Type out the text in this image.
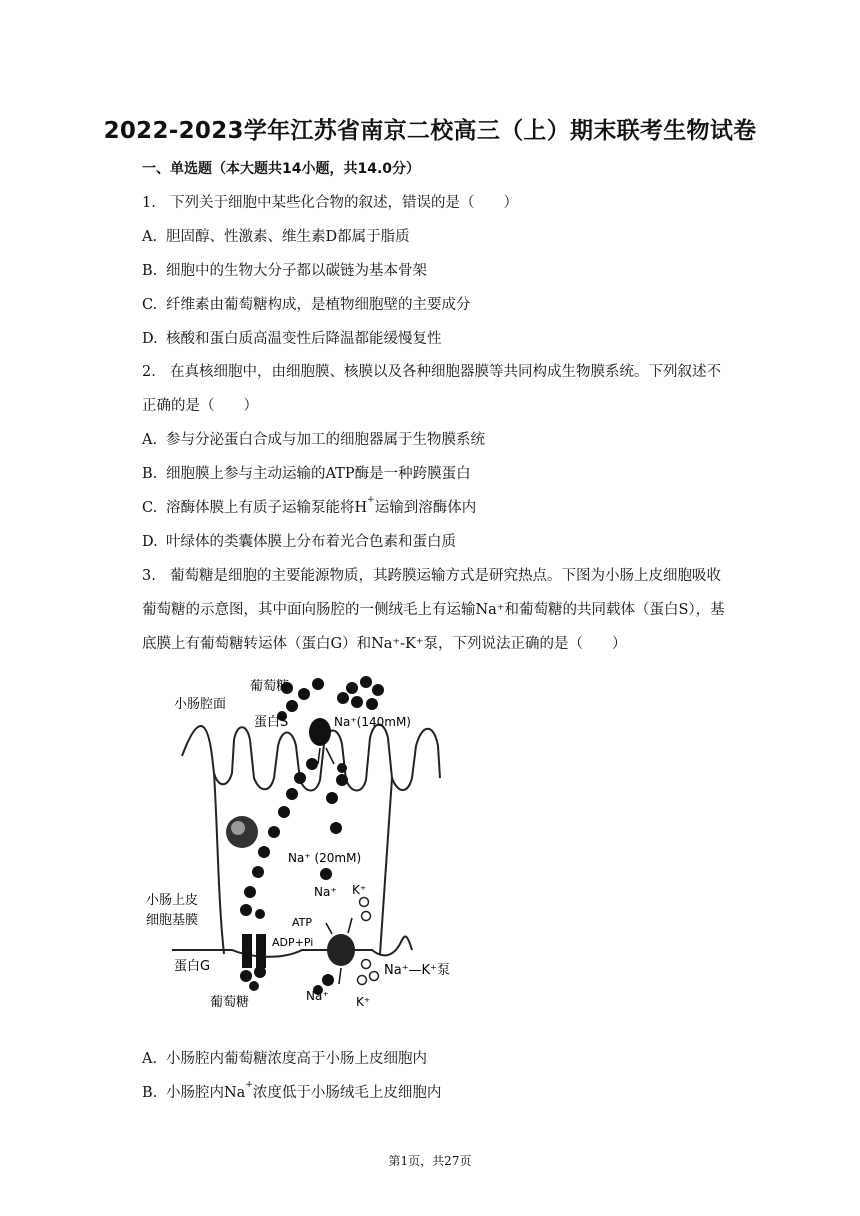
2022-2023学年江苏省南京二校高三（上）期末联考生物试卷
一、单选题（本大题共14小题，共14.0分）
1. 下列关于细胞中某些化合物的叙述，错误的是（　　）
A. 胆固醇、性激素、维生素D都属于脂质
B. 细胞中的生物大分子都以碳链为基本骨架
C. 纤维素由葡萄糖构成，是植物细胞壁的主要成分
D. 核酸和蛋白质高温变性后降温都能缓慢复性
2. 在真核细胞中，由细胞膜、核膜以及各种细胞器膜等共同构成生物膜系统。下列叙述不
正确的是（　　）
A. 参与分泌蛋白合成与加工的细胞器属于生物膜系统
B. 细胞膜上参与主动运输的ATP酶是一种跨膜蛋白
C. 溶酶体膜上有质子运输泵能将H+运输到溶酶体内
D. 叶绿体的类囊体膜上分布着光合色素和蛋白质
3. 葡萄糖是细胞的主要能源物质，其跨膜运输方式是研究热点。下图为小肠上皮细胞吸收
葡萄糖的示意图，其中面向肠腔的一侧绒毛上有运输Na⁺和葡萄糖的共同载体（蛋白S），基
底膜上有葡萄糖转运体（蛋白G）和Na⁺-K⁺泵，下列说法正确的是（　　）
小肠腔面
葡萄糖
蛋白S	Na⁺(140mM)
Na⁺ (20mM)
小肠上皮
细胞基膜
Na⁺ K⁺
ATP
ADP+Pi
蛋白G	Na⁺—K⁺泵
葡萄糖	Na⁺ K⁺
A. 小肠腔内葡萄糖浓度高于小肠上皮细胞内
B. 小肠腔内Na+浓度低于小肠绒毛上皮细胞内
第1页，共27页
